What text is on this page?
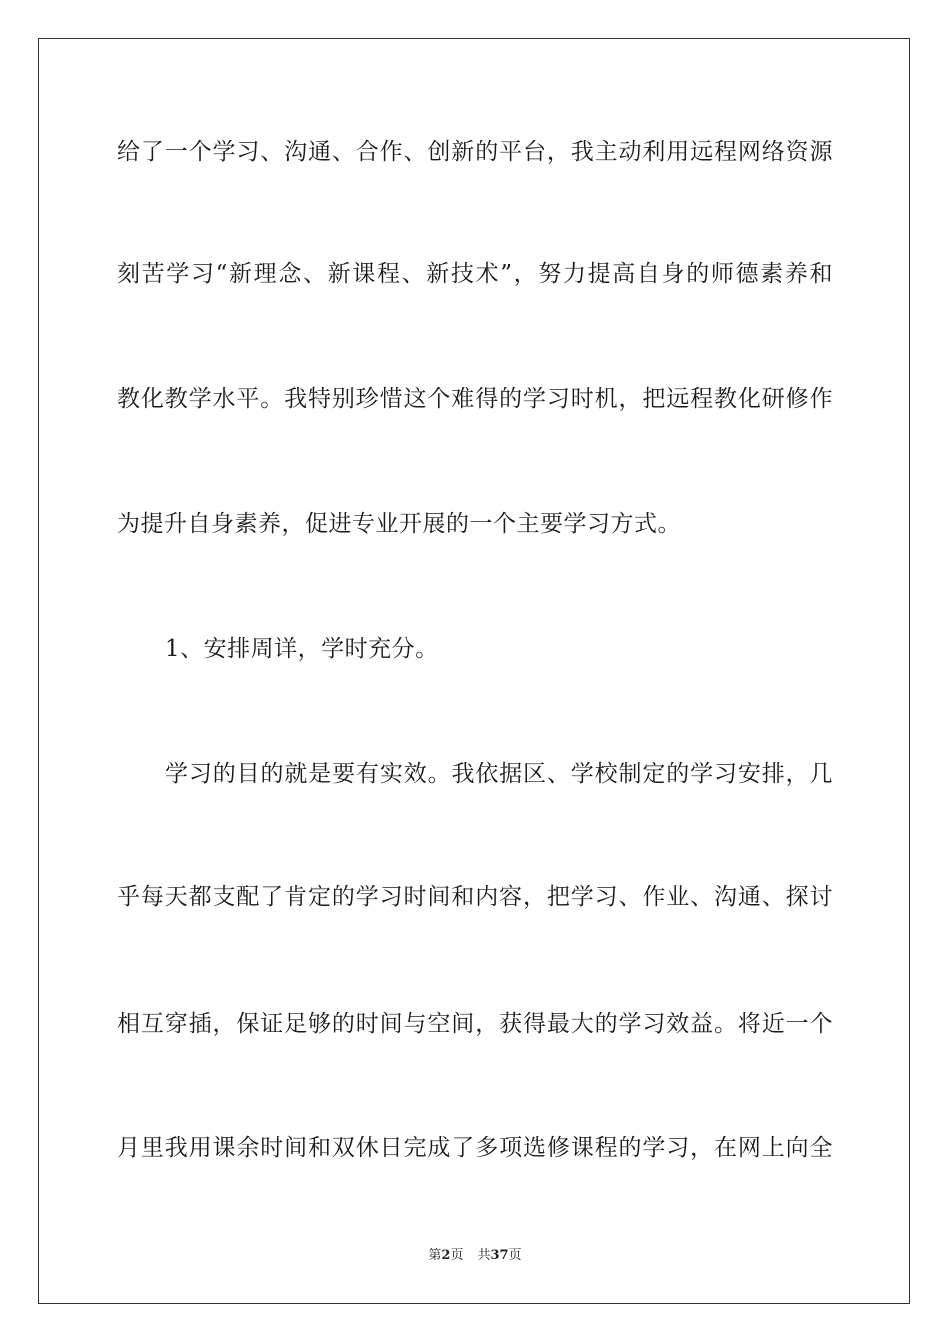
给了一个学习、沟通、合作、创新的平台，我主动利用远程网络资源
刻苦学习“新理念、新课程、新技术”，努力提高自身的师德素养和
教化教学水平。我特别珍惜这个难得的学习时机，把远程教化研修作
为提升自身素养，促进专业开展的一个主要学习方式。
1、安排周详，学时充分。
学习的目的就是要有实效。我依据区、学校制定的学习安排，几
乎每天都支配了肯定的学习时间和内容，把学习、作业、沟通、探讨
相互穿插，保证足够的时间与空间，获得最大的学习效益。将近一个
月里我用课余时间和双休日完成了多项选修课程的学习，在网上向全
第2页 共37页
